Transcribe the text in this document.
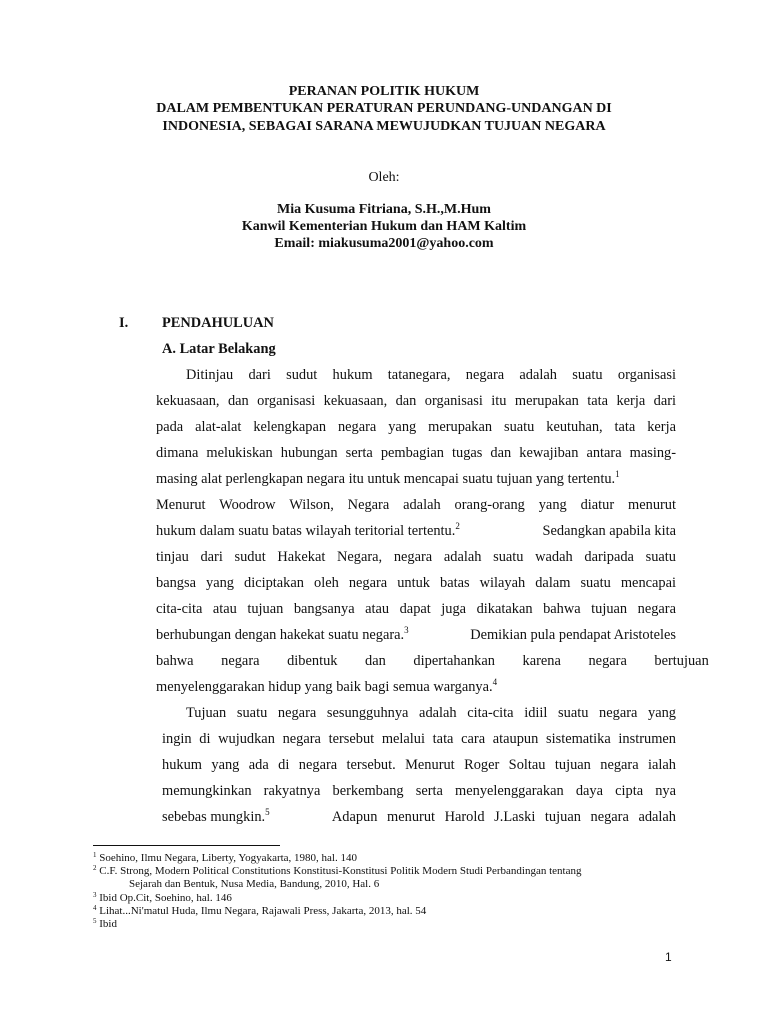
PERANAN POLITIK HUKUM
DALAM PEMBENTUKAN PERATURAN PERUNDANG-UNDANGAN DI
INDONESIA, SEBAGAI SARANA MEWUJUDKAN TUJUAN NEGARA
Oleh:
Mia Kusuma Fitriana, S.H.,M.Hum
Kanwil Kementerian Hukum dan HAM Kaltim
Email: miakusuma2001@yahoo.com
I. PENDAHULUAN
A. Latar Belakang
Ditinjau dari sudut hukum tatanegara, negara adalah suatu organisasi
kekuasaan, dan organisasi kekuasaan, dan organisasi itu merupakan tata kerja dari
pada alat-alat kelengkapan negara yang merupakan suatu keutuhan, tata kerja
dimana melukiskan hubungan serta pembagian tugas dan kewajiban antara masing-
masing alat perlengkapan negara itu untuk mencapai suatu tujuan yang tertentu.$^1$
Menurut Woodrow Wilson, Negara adalah orang-orang yang diatur menurut
hukum dalam suatu batas wilayah teritorial tertentu.$^2$	Sedangkan apabila kita
tinjau dari sudut Hakekat Negara, negara adalah suatu wadah daripada suatu
bangsa yang diciptakan oleh negara untuk batas wilayah dalam suatu mencapai
cita-cita atau tujuan bangsanya atau dapat juga dikatakan bahwa tujuan negara
berhubungan dengan hakekat suatu negara.$^3$	Demikian pula pendapat Aristoteles
bahwa negara dibentuk dan dipertahankan karena negara bertujuan
menyelenggarakan hidup yang baik bagi semua warganya.$^4$
Tujuan suatu negara sesungguhnya adalah cita-cita idiil suatu negara yang
ingin di wujudkan negara tersebut melalui tata cara ataupun sistematika instrumen
hukum yang ada di negara tersebut. Menurut Roger Soltau tujuan negara ialah
memungkinkan rakyatnya berkembang serta menyelenggarakan daya cipta nya
sebebas mungkin.$^5$	Adapun menurut Harold J.Laski tujuan negara adalah
$^1$ Soehino, Ilmu Negara, Liberty, Yogyakarta, 1980, hal. 140
$^2$ C.F. Strong, Modern Political Constitutions Konstitusi-Konstitusi Politik Modern Studi Perbandingan tentang
Sejarah dan Bentuk, Nusa Media, Bandung, 2010, Hal. 6
$^3$ Ibid Op.Cit, Soehino, hal. 146
$^4$ Lihat...Ni'matul Huda, Ilmu Negara, Rajawali Press, Jakarta, 2013, hal. 54
$^5$ Ibid
1
